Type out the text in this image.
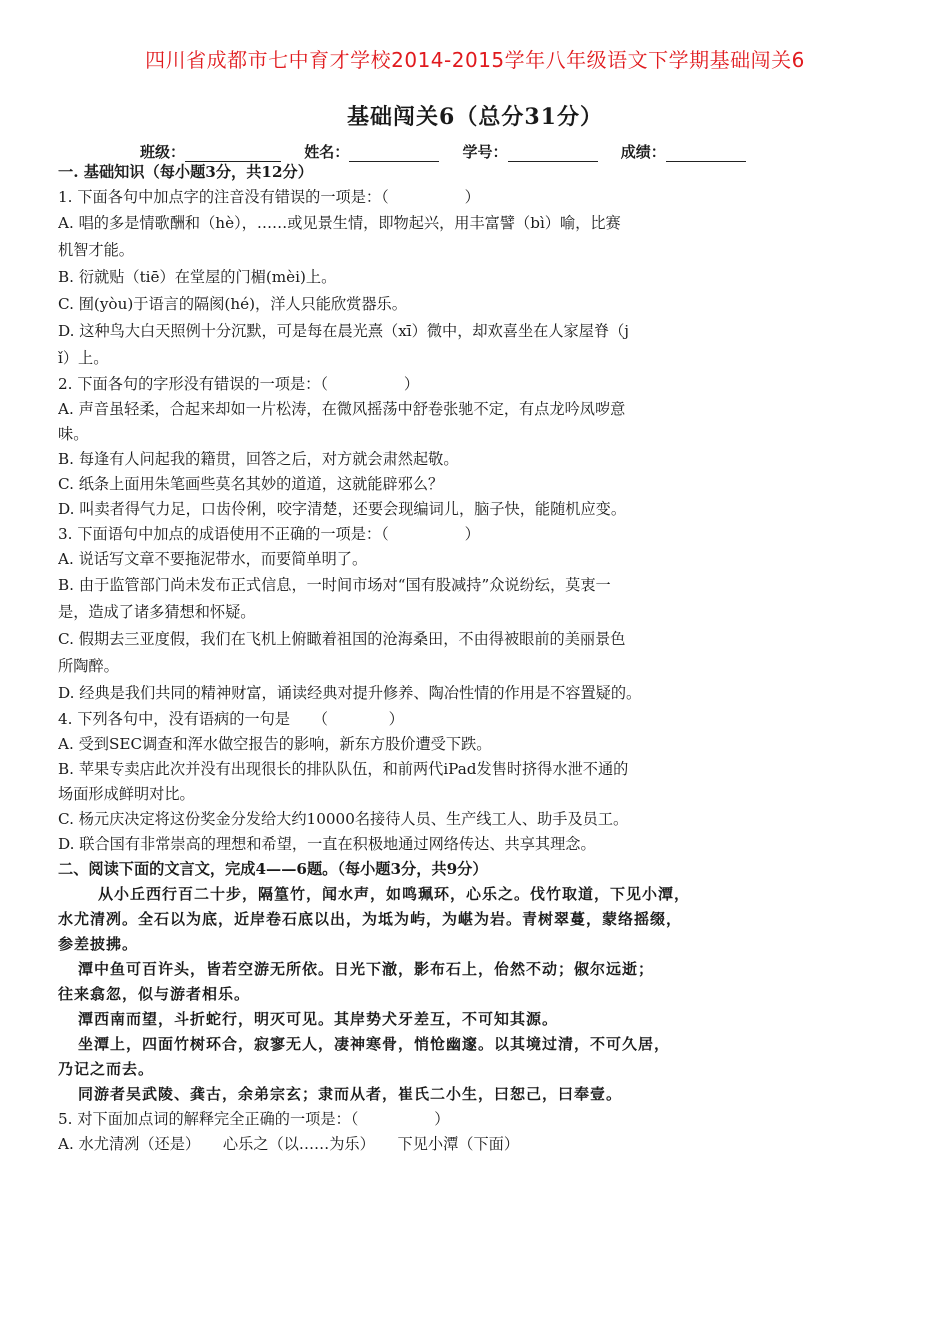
四川省成都市七中育才学校2014-2015学年八年级语文下学期基础闯关6
基础闯关6（总分31分）
班级：	姓名：	学号：	成绩：
一. 基础知识（每小题3分，共12分）
1. 下面各句中加点字的注音没有错误的一项是：（　　　　　）
A. 唱的多是情歌酬和（hè），……或见景生情，即物起兴，用丰富譬（bì）喻，比赛
机智才能。
B. 衍就贴（tiē）在堂屋的门楣(mèi)上。
C. 囿(yòu)于语言的隔阂(hé)，洋人只能欣赏器乐。
D. 这种鸟大白天照例十分沉默，可是每在晨光熹（xī）微中，却欢喜坐在人家屋脊（j
ǐ）上。
2. 下面各句的字形没有错误的一项是：（　　　　　）
A. 声音虽轻柔，合起来却如一片松涛，在微风摇荡中舒卷张驰不定，有点龙吟凤哕意
味。
B. 每逢有人问起我的籍贯，回答之后，对方就会肃然起敬。
C. 纸条上面用朱笔画些莫名其妙的道道，这就能辟邪么？
D. 叫卖者得气力足，口齿伶俐，咬字清楚，还要会现编词儿，脑子快，能随机应变。
3. 下面语句中加点的成语使用不正确的一项是：（　　　　　）
A. 说话写文章不要拖泥带水，而要简单明了。
B. 由于监管部门尚未发布正式信息，一时间市场对“国有股减持”众说纷纭，莫衷一
是，造成了诸多猜想和怀疑。
C. 假期去三亚度假，我们在飞机上俯瞰着祖国的沧海桑田，不由得被眼前的美丽景色
所陶醉。
D. 经典是我们共同的精神财富，诵读经典对提升修养、陶冶性情的作用是不容置疑的。
4. 下列各句中，没有语病的一句是　　（　　　　）
A. 受到SEC调查和浑水做空报告的影响，新东方股价遭受下跌。
B. 苹果专卖店此次并没有出现很长的排队队伍，和前两代iPad发售时挤得水泄不通的
场面形成鲜明对比。
C. 杨元庆决定将这份奖金分发给大约10000名接待人员、生产线工人、助手及员工。
D. 联合国有非常崇高的理想和希望，一直在积极地通过网络传达、共享其理念。
二、阅读下面的文言文，完成4——6题。（每小题3分，共9分）
从小丘西行百二十步，隔篁竹，闻水声，如鸣珮环，心乐之。伐竹取道，下见小潭，
水尤清冽。全石以为底，近岸卷石底以出，为坻为屿，为嵁为岩。青树翠蔓，蒙络摇缀，
参差披拂。
潭中鱼可百许头，皆若空游无所依。日光下澈，影布石上，佁然不动；俶尔远逝；
往来翕忽，似与游者相乐。
潭西南而望，斗折蛇行，明灭可见。其岸势犬牙差互，不可知其源。
坐潭上，四面竹树环合，寂寥无人，凄神寒骨，悄怆幽邃。以其境过清，不可久居，
乃记之而去。
同游者吴武陵、龚古，余弟宗玄；隶而从者，崔氏二小生，曰恕己，曰奉壹。
5. 对下面加点词的解释完全正确的一项是：（　　　　　）
A. 水尤清冽（还是）　　心乐之（以……为乐）　　下见小潭（下面）
